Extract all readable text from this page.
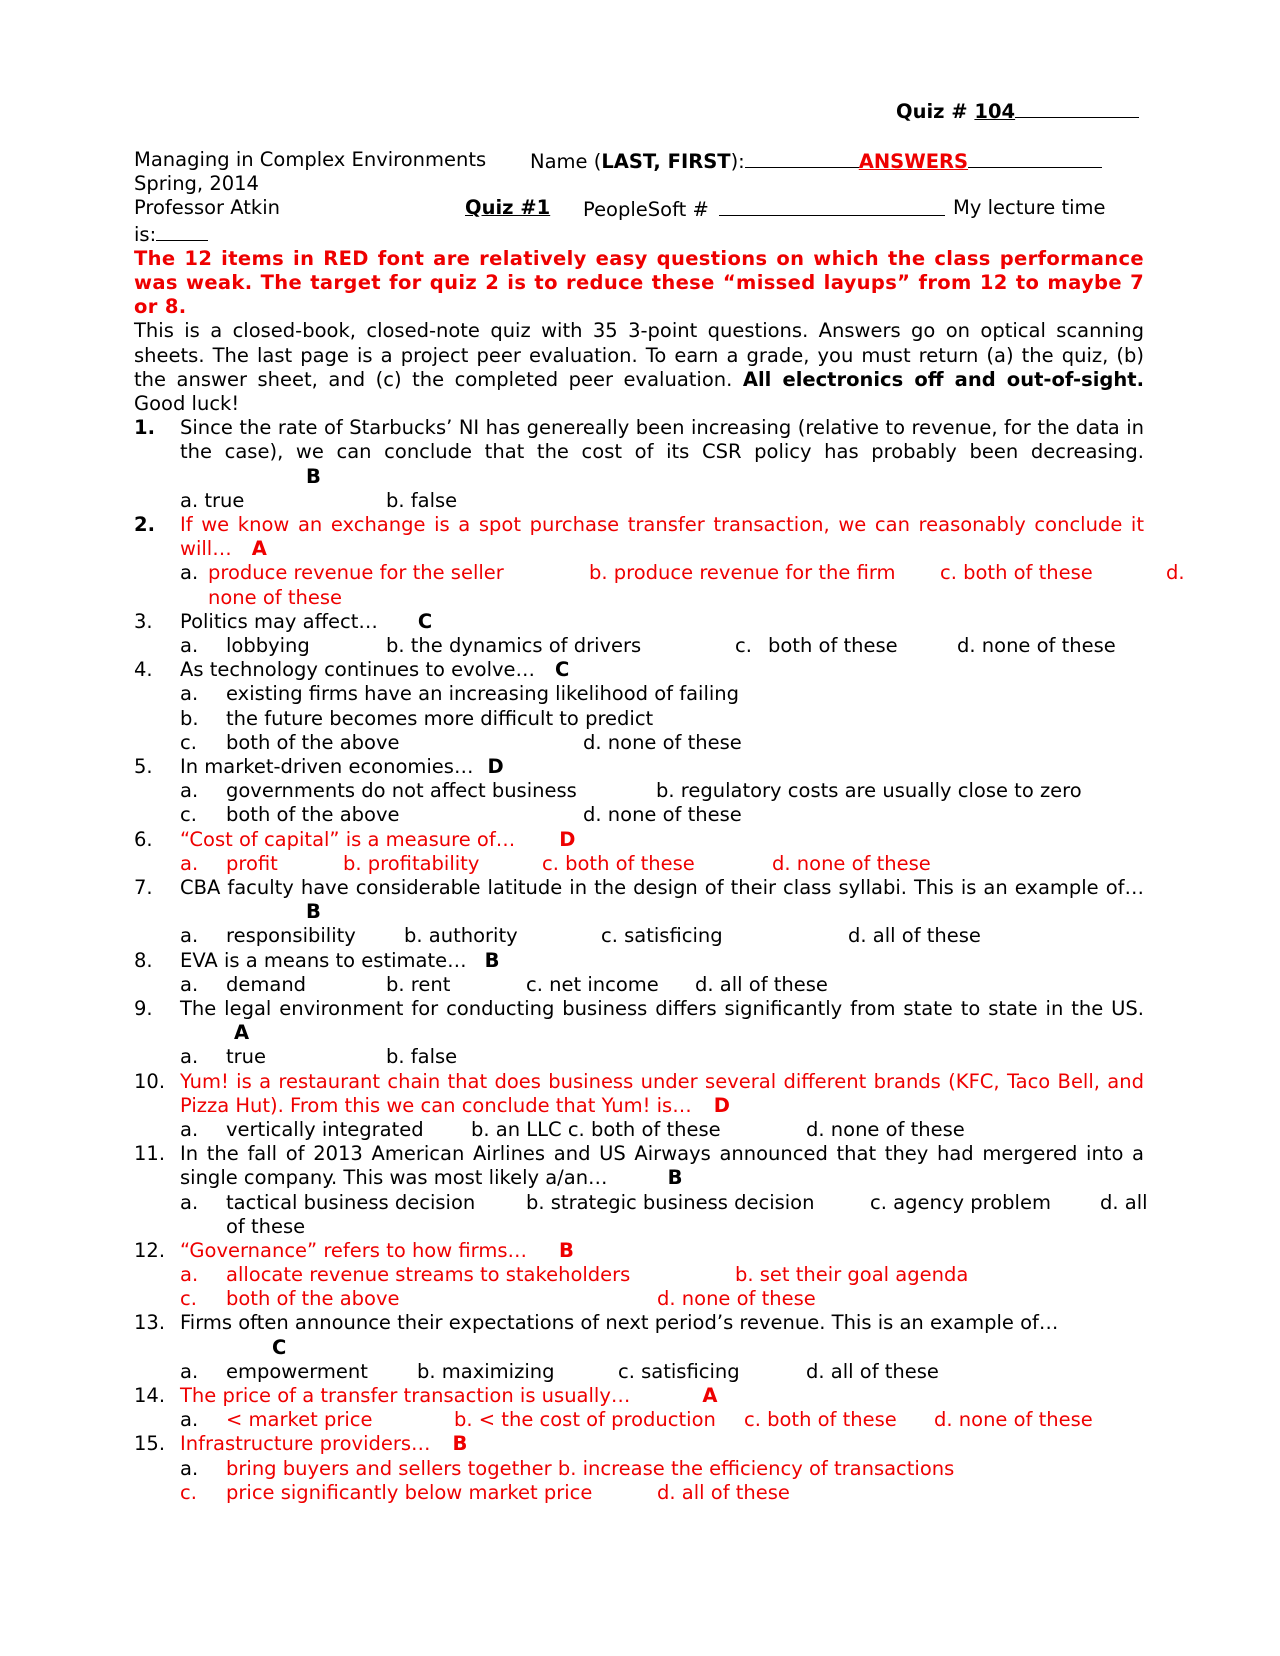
Quiz # 104
Managing in Complex Environments Name (LAST, FIRST):	ANSWERS
Spring, 2014
Professor Atkin	Quiz #1 PeopleSoft #	My lecture time
is:
The 12 items in RED font are relatively easy questions on which the class performance was weak. The target for quiz 2 is to reduce these “missed layups” from 12 to maybe 7 or 8.
This is a closed-book, closed-note quiz with 35 3-point questions. Answers go on optical scanning sheets. The last page is a project peer evaluation. To earn a grade, you must return (a) the quiz, (b) the answer sheet, and (c) the completed peer evaluation. All electronics off and out-of-sight. Good luck!
1.	Since the rate of Starbucks’ NI has genereally been increasing (relative to revenue, for the data in the case), we can conclude that the cost of its CSR policy has probably been decreasing.B
a. true	b. false
2.	If we know an exchange is a spot purchase transfer transaction, we can reasonably conclude it will… A
a. produce revenue for the seller	b. produce revenue for the firm c. both of these	d.
none of these
3.	Politics may affect… C
a. lobbying	b. the dynamics of drivers	c. both of these	d. none of these
4.	As technology continues to evolve… C
a. existing firms have an increasing likelihood of failing
b. the future becomes more difficult to predict
c. both of the above	d. none of these
5.	In market-driven economies… D
a. governments do not affect business	b. regulatory costs are usually close to zero
c. both of the above	d. none of these
6.	“Cost of capital” is a measure of… D
a. profit	b. profitability	c. both of these	d. none of these
7.	CBA faculty have considerable latitude in the design of their class syllabi. This is an example of…B
a. responsibility b. authority	c. satisficing	d. all of these
8.	EVA is a means to estimate… B
a. demand	b. rent	c. net income d. all of these
9.	The legal environment for conducting business differs significantly from state to state in the US.A
a. true	b. false
10. Yum! is a restaurant chain that does business under several different brands (KFC, Taco Bell, and Pizza Hut). From this we can conclude that Yum! is… D
a. vertically integrated b. an LLC c. both of these	d. none of these
11. In the fall of 2013 American Airlines and US Airways announced that they had mergered into a single company. This was most likely a/an…	B
a. tactical business decision	b. strategic business decision	c. agency problem	d. all
of these
12. “Governance” refers to how firms… B
a. allocate revenue streams to stakeholders	b. set their goal agenda
c. both of the above	d. none of these
13. Firms often announce their expectations of next period’s revenue. This is an example of…
C
a. empowerment	b. maximizing	c. satisficing	d. all of these
14. The price of a transfer transaction is usually…	A
a. < market price	b. < the cost of production c. both of these d. none of these
15. Infrastructure providers… B
a. bring buyers and sellers together b. increase the efficiency of transactions
c. price significantly below market price	d. all of these
